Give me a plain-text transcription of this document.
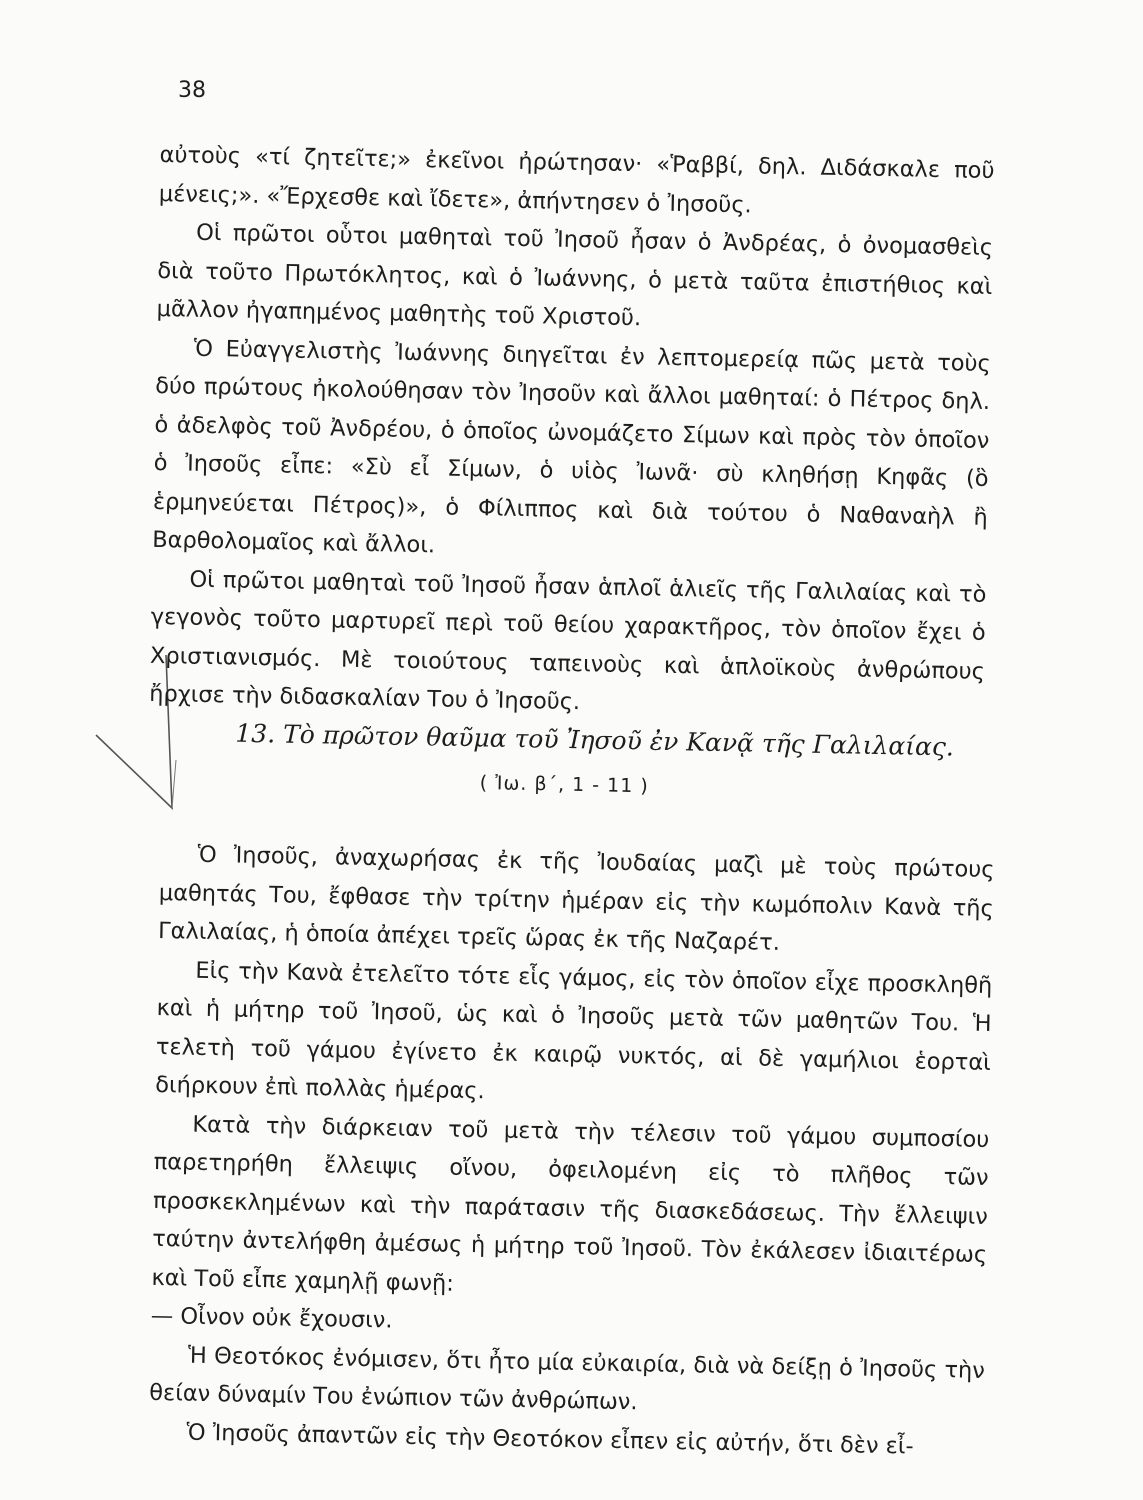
38

αὐτοὺς «τί ζητεῖτε;» ἐκεῖνοι ἠρώτησαν· «Ῥαββί, δηλ. Διδάσκαλε ποῦ μένεις;». «Ἔρχεσθε καὶ ἴδετε», ἀπήντησεν ὁ Ἰησοῦς.

Οἱ πρῶτοι οὗτοι μαθηταὶ τοῦ Ἰησοῦ ἦσαν ὁ Ἀνδρέας, ὁ ὀνομασθεὶς διὰ τοῦτο Πρωτόκλητος, καὶ ὁ Ἰωάννης, ὁ μετὰ ταῦτα ἐπιστήθιος καὶ μᾶλλον ἠγαπημένος μαθητὴς τοῦ Χριστοῦ.

Ὁ Εὐαγγελιστὴς Ἰωάννης διηγεῖται ἐν λεπτομερείᾳ πῶς μετὰ τοὺς δύο πρώτους ἠκολούθησαν τὸν Ἰησοῦν καὶ ἄλλοι μαθηταί: ὁ Πέτρος δηλ. ὁ ἀδελφὸς τοῦ Ἀνδρέου, ὁ ὁποῖος ὠνομάζετο Σίμων καὶ πρὸς τὸν ὁποῖον ὁ Ἰησοῦς εἶπε: «Σὺ εἶ Σίμων, ὁ υἱὸς Ἰωνᾶ· σὺ κληθήσῃ Κηφᾶς (ὃ ἑρμηνεύεται Πέτρος)», ὁ Φίλιππος καὶ διὰ τούτου ὁ Ναθαναὴλ ἢ Βαρθολομαῖος καὶ ἄλλοι.

Οἱ πρῶτοι μαθηταὶ τοῦ Ἰησοῦ ἦσαν ἁπλοῖ ἁλιεῖς τῆς Γαλιλαίας καὶ τὸ γεγονὸς τοῦτο μαρτυρεῖ περὶ τοῦ θείου χαρακτῆρος, τὸν ὁποῖον ἔχει ὁ Χριστιανισμός. Μὲ τοιούτους ταπεινοὺς καὶ ἁπλοϊκοὺς ἀνθρώπους ἤρχισε τὴν διδασκαλίαν Του ὁ Ἰησοῦς.

13. Τὸ πρῶτον θαῦμα τοῦ Ἰησοῦ ἐν Κανᾷ τῆς Γαλιλαίας.
( Ἰω. β΄, 1 - 11 )

Ὁ Ἰησοῦς, ἀναχωρήσας ἐκ τῆς Ἰουδαίας μαζὶ μὲ τοὺς πρώτους μαθητάς Του, ἔφθασε τὴν τρίτην ἡμέραν εἰς τὴν κωμόπολιν Κανὰ τῆς Γαλιλαίας, ἡ ὁποία ἀπέχει τρεῖς ὥρας ἐκ τῆς Ναζαρέτ.

Εἰς τὴν Κανὰ ἐτελεῖτο τότε εἷς γάμος, εἰς τὸν ὁποῖον εἶχε προσκληθῆ καὶ ἡ μήτηρ τοῦ Ἰησοῦ, ὡς καὶ ὁ Ἰησοῦς μετὰ τῶν μαθητῶν Του. Ἡ τελετὴ τοῦ γάμου ἐγίνετο ἐκ καιρῷ νυκτός, αἱ δὲ γαμήλιοι ἑορταὶ διήρκουν ἐπὶ πολλὰς ἡμέρας.

Κατὰ τὴν διάρκειαν τοῦ μετὰ τὴν τέλεσιν τοῦ γάμου συμποσίου παρετηρήθη ἔλλειψις οἴνου, ὀφειλομένη εἰς τὸ πλῆθος τῶν προσκεκλημένων καὶ τὴν παράτασιν τῆς διασκεδάσεως. Τὴν ἔλλειψιν ταύτην ἀντελήφθη ἀμέσως ἡ μήτηρ τοῦ Ἰησοῦ. Τὸν ἐκάλεσεν ἰδιαιτέρως καὶ Τοῦ εἶπε χαμηλῇ φωνῇ:

— Οἶνον οὐκ ἔχουσιν.

Ἡ Θεοτόκος ἐνόμισεν, ὅτι ἦτο μία εὐκαιρία, διὰ νὰ δείξῃ ὁ Ἰησοῦς τὴν θείαν δύναμίν Του ἐνώπιον τῶν ἀνθρώπων.

Ὁ Ἰησοῦς ἀπαντῶν εἰς τὴν Θεοτόκον εἶπεν εἰς αὐτήν, ὅτι δὲν εἶ-
